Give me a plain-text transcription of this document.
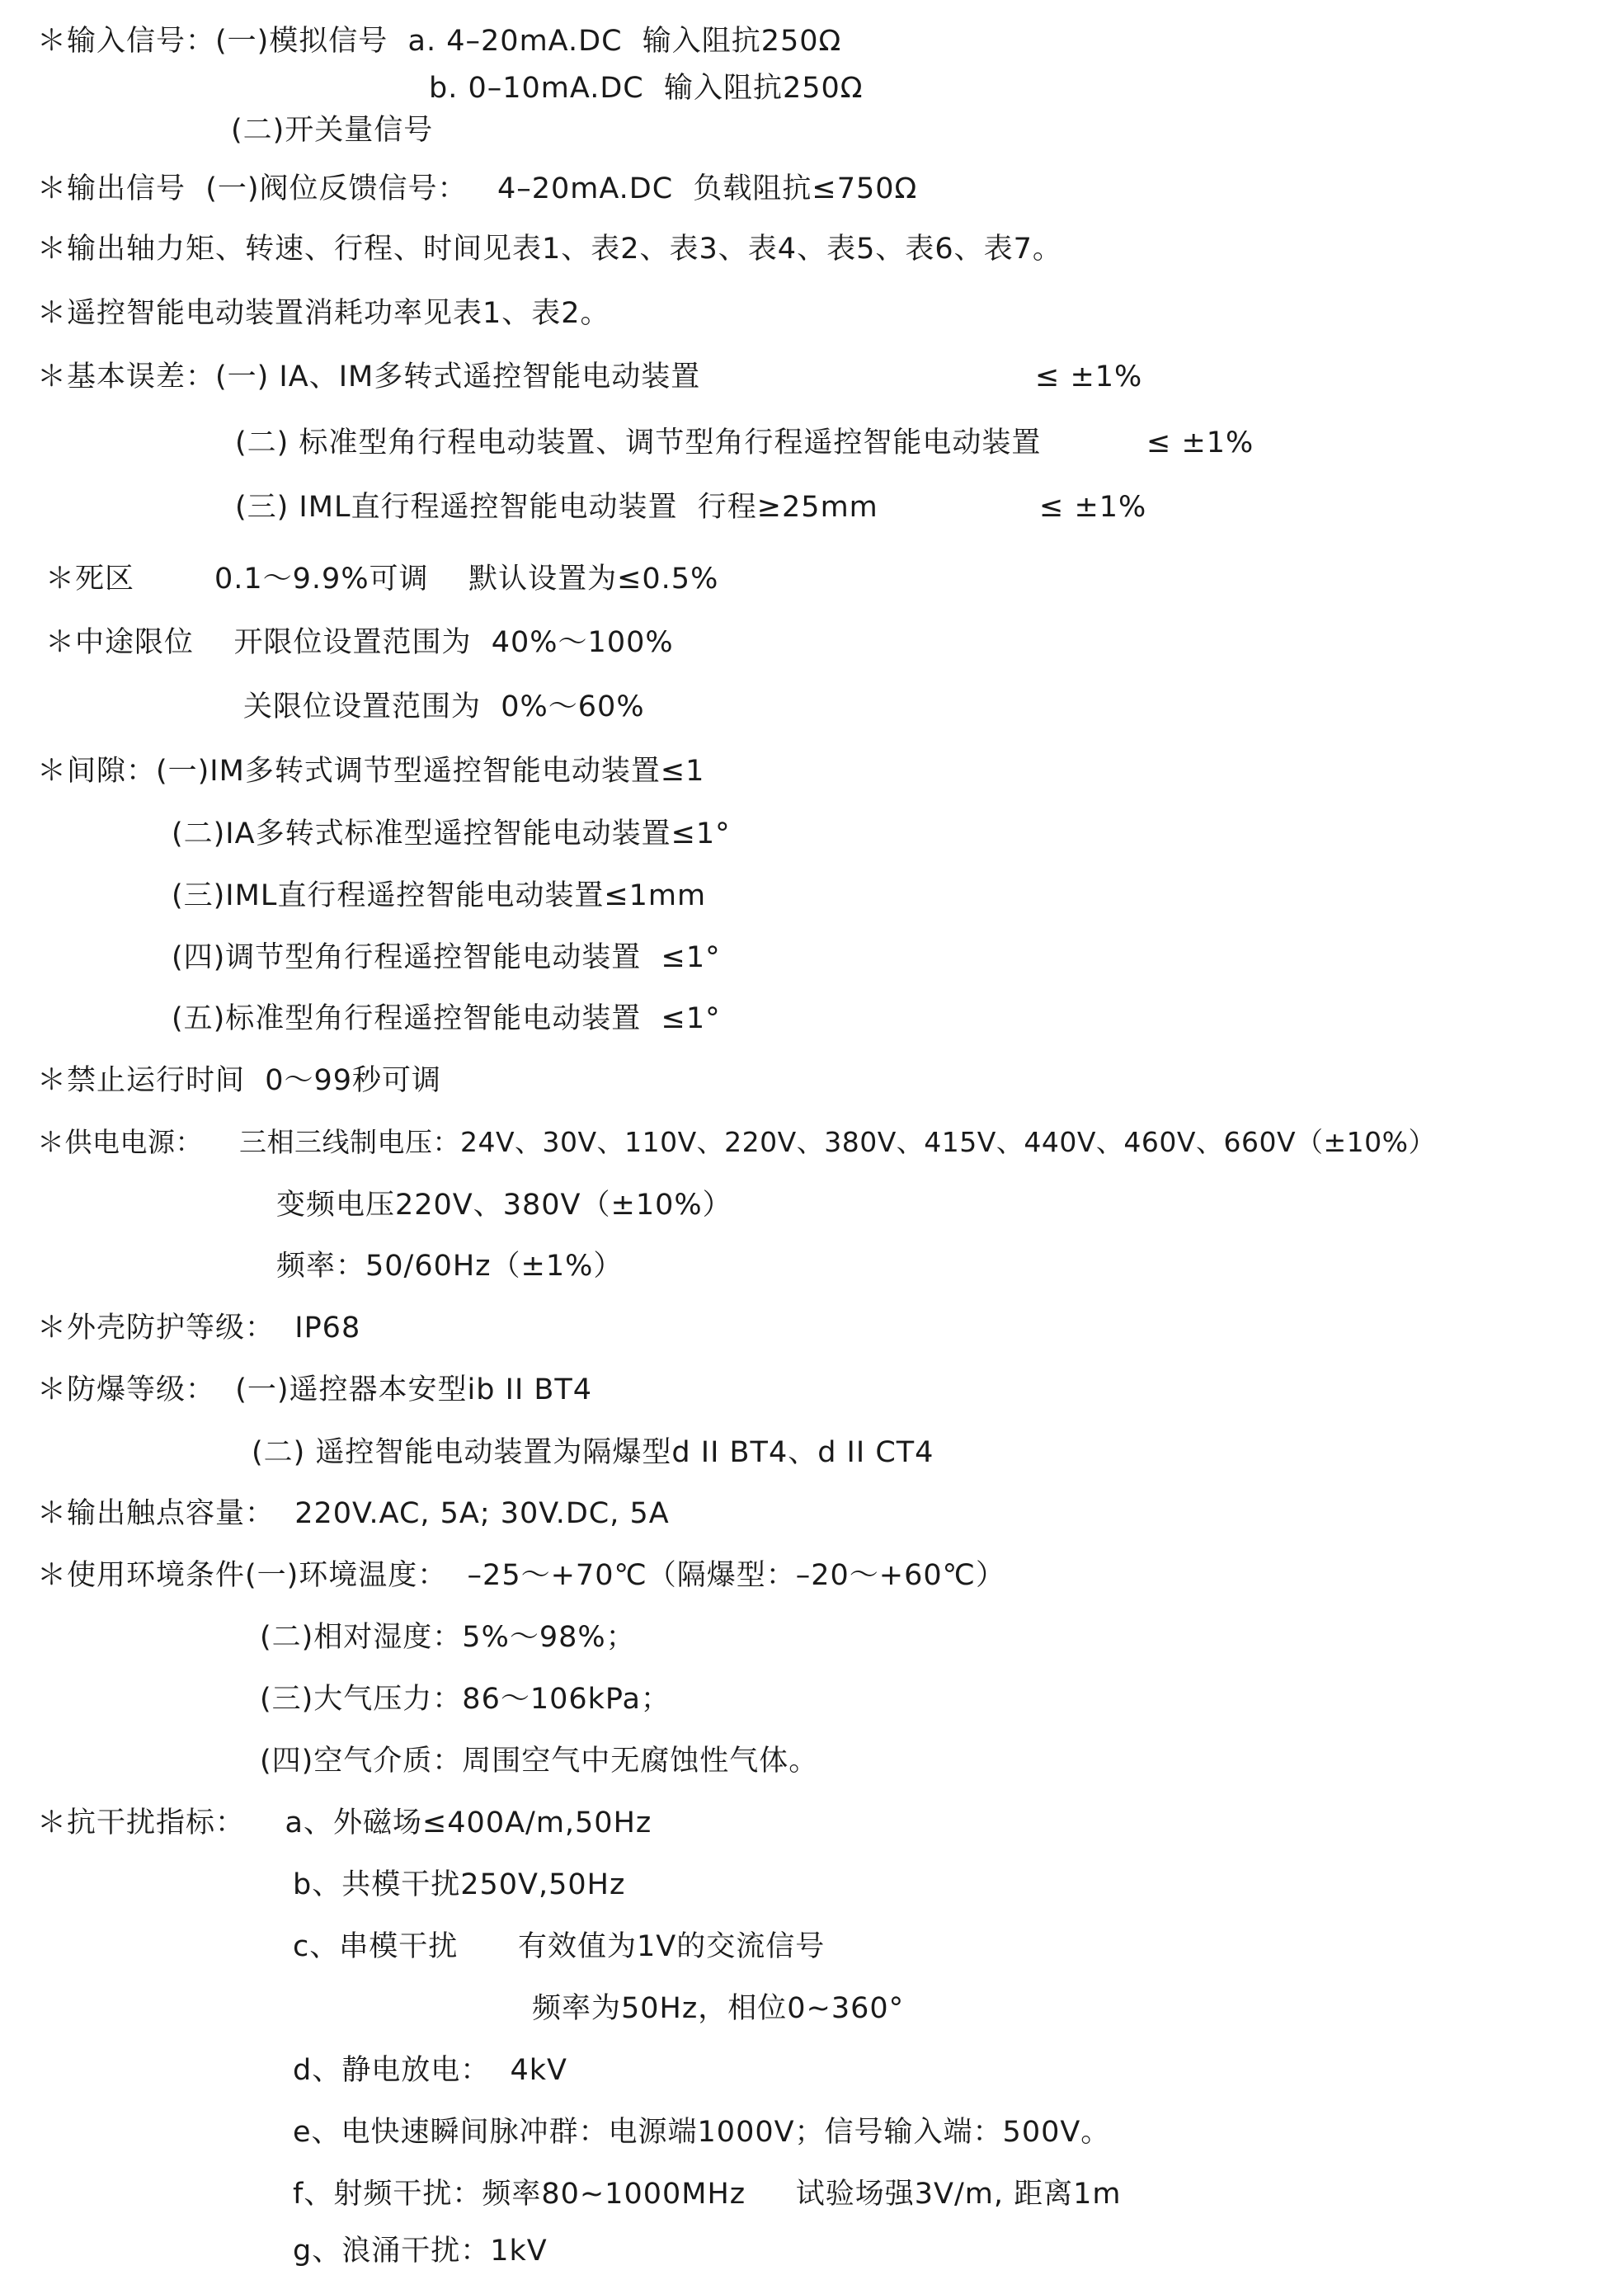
＊输入信号：(一)模拟信号  a. 4–20mA.DC  输入阻抗250Ω
b. 0–10mA.DC  输入阻抗250Ω
(二)开关量信号
＊输出信号  (一)阀位反馈信号：   4–20mA.DC  负载阻抗≤750Ω
＊输出轴力矩、转速、行程、时间见表1、表2、表3、表4、表5、表6、表7。
＊遥控智能电动装置消耗功率见表1、表2。
＊基本误差：(一) IA、IM多转式遥控智能电动装置	≤ ±1%
(二) 标准型角行程电动装置、调节型角行程遥控智能电动装置	≤ ±1%
(三) IML直行程遥控智能电动装置  行程≥25mm	≤ ±1%
＊死区        0.1～9.9%可调    默认设置为≤0.5%
＊中途限位    开限位设置范围为  40%～100%
关限位设置范围为  0%～60%
＊间隙：(一)IM多转式调节型遥控智能电动装置≤1
(二)IA多转式标准型遥控智能电动装置≤1°
(三)IML直行程遥控智能电动装置≤1mm
(四)调节型角行程遥控智能电动装置  ≤1°
(五)标准型角行程遥控智能电动装置  ≤1°
＊禁止运行时间  0～99秒可调
＊供电电源：    三相三线制电压：24V、30V、110V、220V、380V、415V、440V、460V、660V（±10%）
变频电压220V、380V（±10%）
频率：50/60Hz（±1%）
＊外壳防护等级：  IP68
＊防爆等级：  (一)遥控器本安型ib II BT4
(二) 遥控智能电动装置为隔爆型d II BT4、d II CT4
＊输出触点容量：  220V.AC, 5A; 30V.DC, 5A
＊使用环境条件(一)环境温度：  –25～+70℃（隔爆型：–20～+60℃）
(二)相对湿度：5%～98%；
(三)大气压力：86～106kPa；
(四)空气介质：周围空气中无腐蚀性气体。
＊抗干扰指标：    a、外磁场≤400A/m,50Hz
b、共模干扰250V,50Hz
c、串模干扰      有效值为1V的交流信号
频率为50Hz，相位0~360°
d、静电放电：  4kV
e、电快速瞬间脉冲群：电源端1000V；信号输入端：500V。
f、射频干扰：频率80~1000MHz     试验场强3V/m, 距离1m
g、浪涌干扰：1kV
